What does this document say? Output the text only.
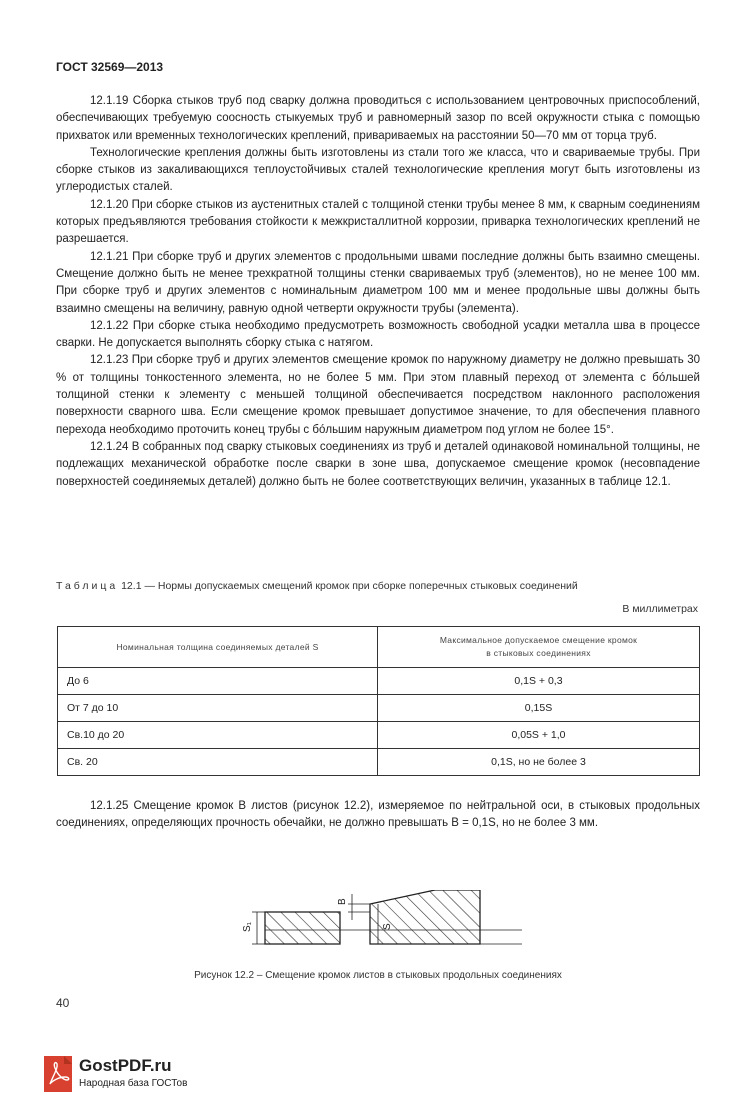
ГОСТ 32569—2013

12.1.19 Сборка стыков труб под сварку должна проводиться с использованием центровочных приспособлений, обеспечивающих требуемую соосность стыкуемых труб и равномерный зазор по всей окружности стыка с помощью прихваток или временных технологических креплений, привариваемых на расстоянии 50—70 мм от торца труб.

Технологические крепления должны быть изготовлены из стали того же класса, что и свариваемые трубы. При сборке стыков из закаливающихся теплоустойчивых сталей технологические крепления могут быть изготовлены из углеродистых сталей.

12.1.20 При сборке стыков из аустенитных сталей с толщиной стенки трубы менее 8 мм, к сварным соединениям которых предъявляются требования стойкости к межкристаллитной коррозии, приварка технологических креплений не разрешается.

12.1.21 При сборке труб и других элементов с продольными швами последние должны быть взаимно смещены. Смещение должно быть не менее трехкратной толщины стенки свариваемых труб (элементов), но не менее 100 мм. При сборке труб и других элементов с номинальным диаметром 100 мм и менее продольные швы должны быть взаимно смещены на величину, равную одной четверти окружности трубы (элемента).

12.1.22 При сборке стыка необходимо предусмотреть возможность свободной усадки металла шва в процессе сварки. Не допускается выполнять сборку стыка с натягом.

12.1.23 При сборке труб и других элементов смещение кромок по наружному диаметру не должно превышать 30 % от толщины тонкостенного элемента, но не более 5 мм. При этом плавный переход от элемента с бóльшей толщиной стенки к элементу с меньшей толщиной обеспечивается посредством наклонного расположения поверхности сварного шва. Если смещение кромок превышает допустимое значение, то для обеспечения плавного перехода необходимо проточить конец трубы с бóльшим наружным диаметром под углом не более 15°.

12.1.24 В собранных под сварку стыковых соединениях из труб и деталей одинаковой номинальной толщины, не подлежащих механической обработке после сварки в зоне шва, допускаемое смещение кромок (несовпадение поверхностей соединяемых деталей) должно быть не более соответствующих величин, указанных в таблице 12.1.

Таблица 12.1 — Нормы допускаемых смещений кромок при сборке поперечных стыковых соединений
В миллиметрах
Номинальная толщина соединяемых деталей S	Максимальное допускаемое смещение кромок
в стыковых соединениях
До 6	0,1S + 0,3
От 7 до 10	0,15S
Св.10 до 20	0,05S + 1,0
Св. 20	0,1S, но не более 3

12.1.25 Смещение кромок B листов (рисунок 12.2), измеряемое по нейтральной оси, в стыковых продольных соединениях, определяющих прочность обечайки, не должно превышать B = 0,1S, но не более 3 мм.

S₁
B
S
Рисунок 12.2 – Смещение кромок листов в стыковых продольных соединениях
40
GostPDF.ru
Народная база ГОСТов
